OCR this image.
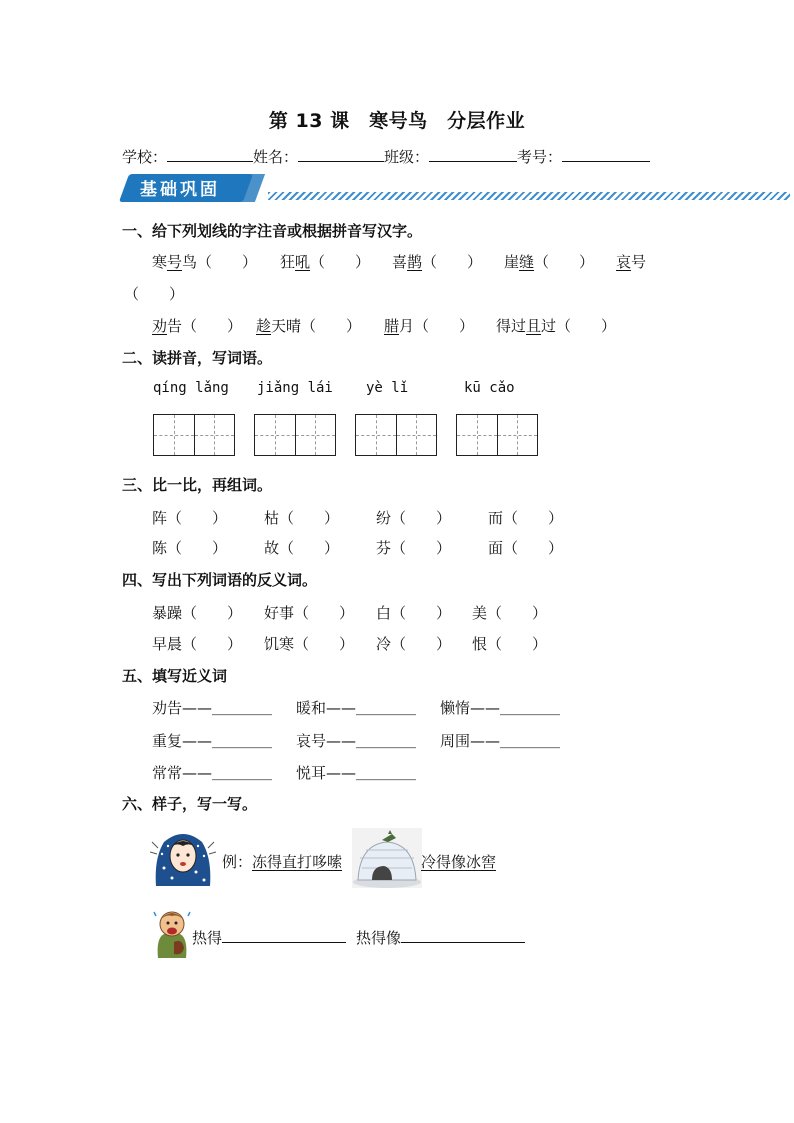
第 13 课　寒号鸟　分层作业
学校：	姓名：	班级：	考号：
基础巩固
一、给下列划线的字注音或根据拼音写汉字。
寒号鸟（　　） 狂吼（　　） 喜鹊（　　） 崖缝（　　） 哀号
（　　）
劝告（　　） 趁天晴（　　） 腊月（　　） 得过且过（　　）
二、读拼音，写词语。
qíng lǎng jiǎng lái yè lǐ	kū cǎo
三、比一比，再组词。
阵（　　） 枯（　　） 纷（　　） 而（　　）
陈（　　） 故（　　） 芬（　　） 面（　　）
四、写出下列词语的反义词。
暴躁（　　） 好事（　　） 白（　　） 美（　　）
早晨（　　） 饥寒（　　） 冷（　　） 恨（　　）
五、填写近义词
劝告——＿＿＿＿ 暖和——＿＿＿＿ 懒惰——＿＿＿＿
重复——＿＿＿＿ 哀号——＿＿＿＿ 周围——＿＿＿＿
常常——＿＿＿＿ 悦耳——＿＿＿＿
六、样子，写一写。
例：冻得直打哆嗦	冷得像冰窖
热得	热得像
